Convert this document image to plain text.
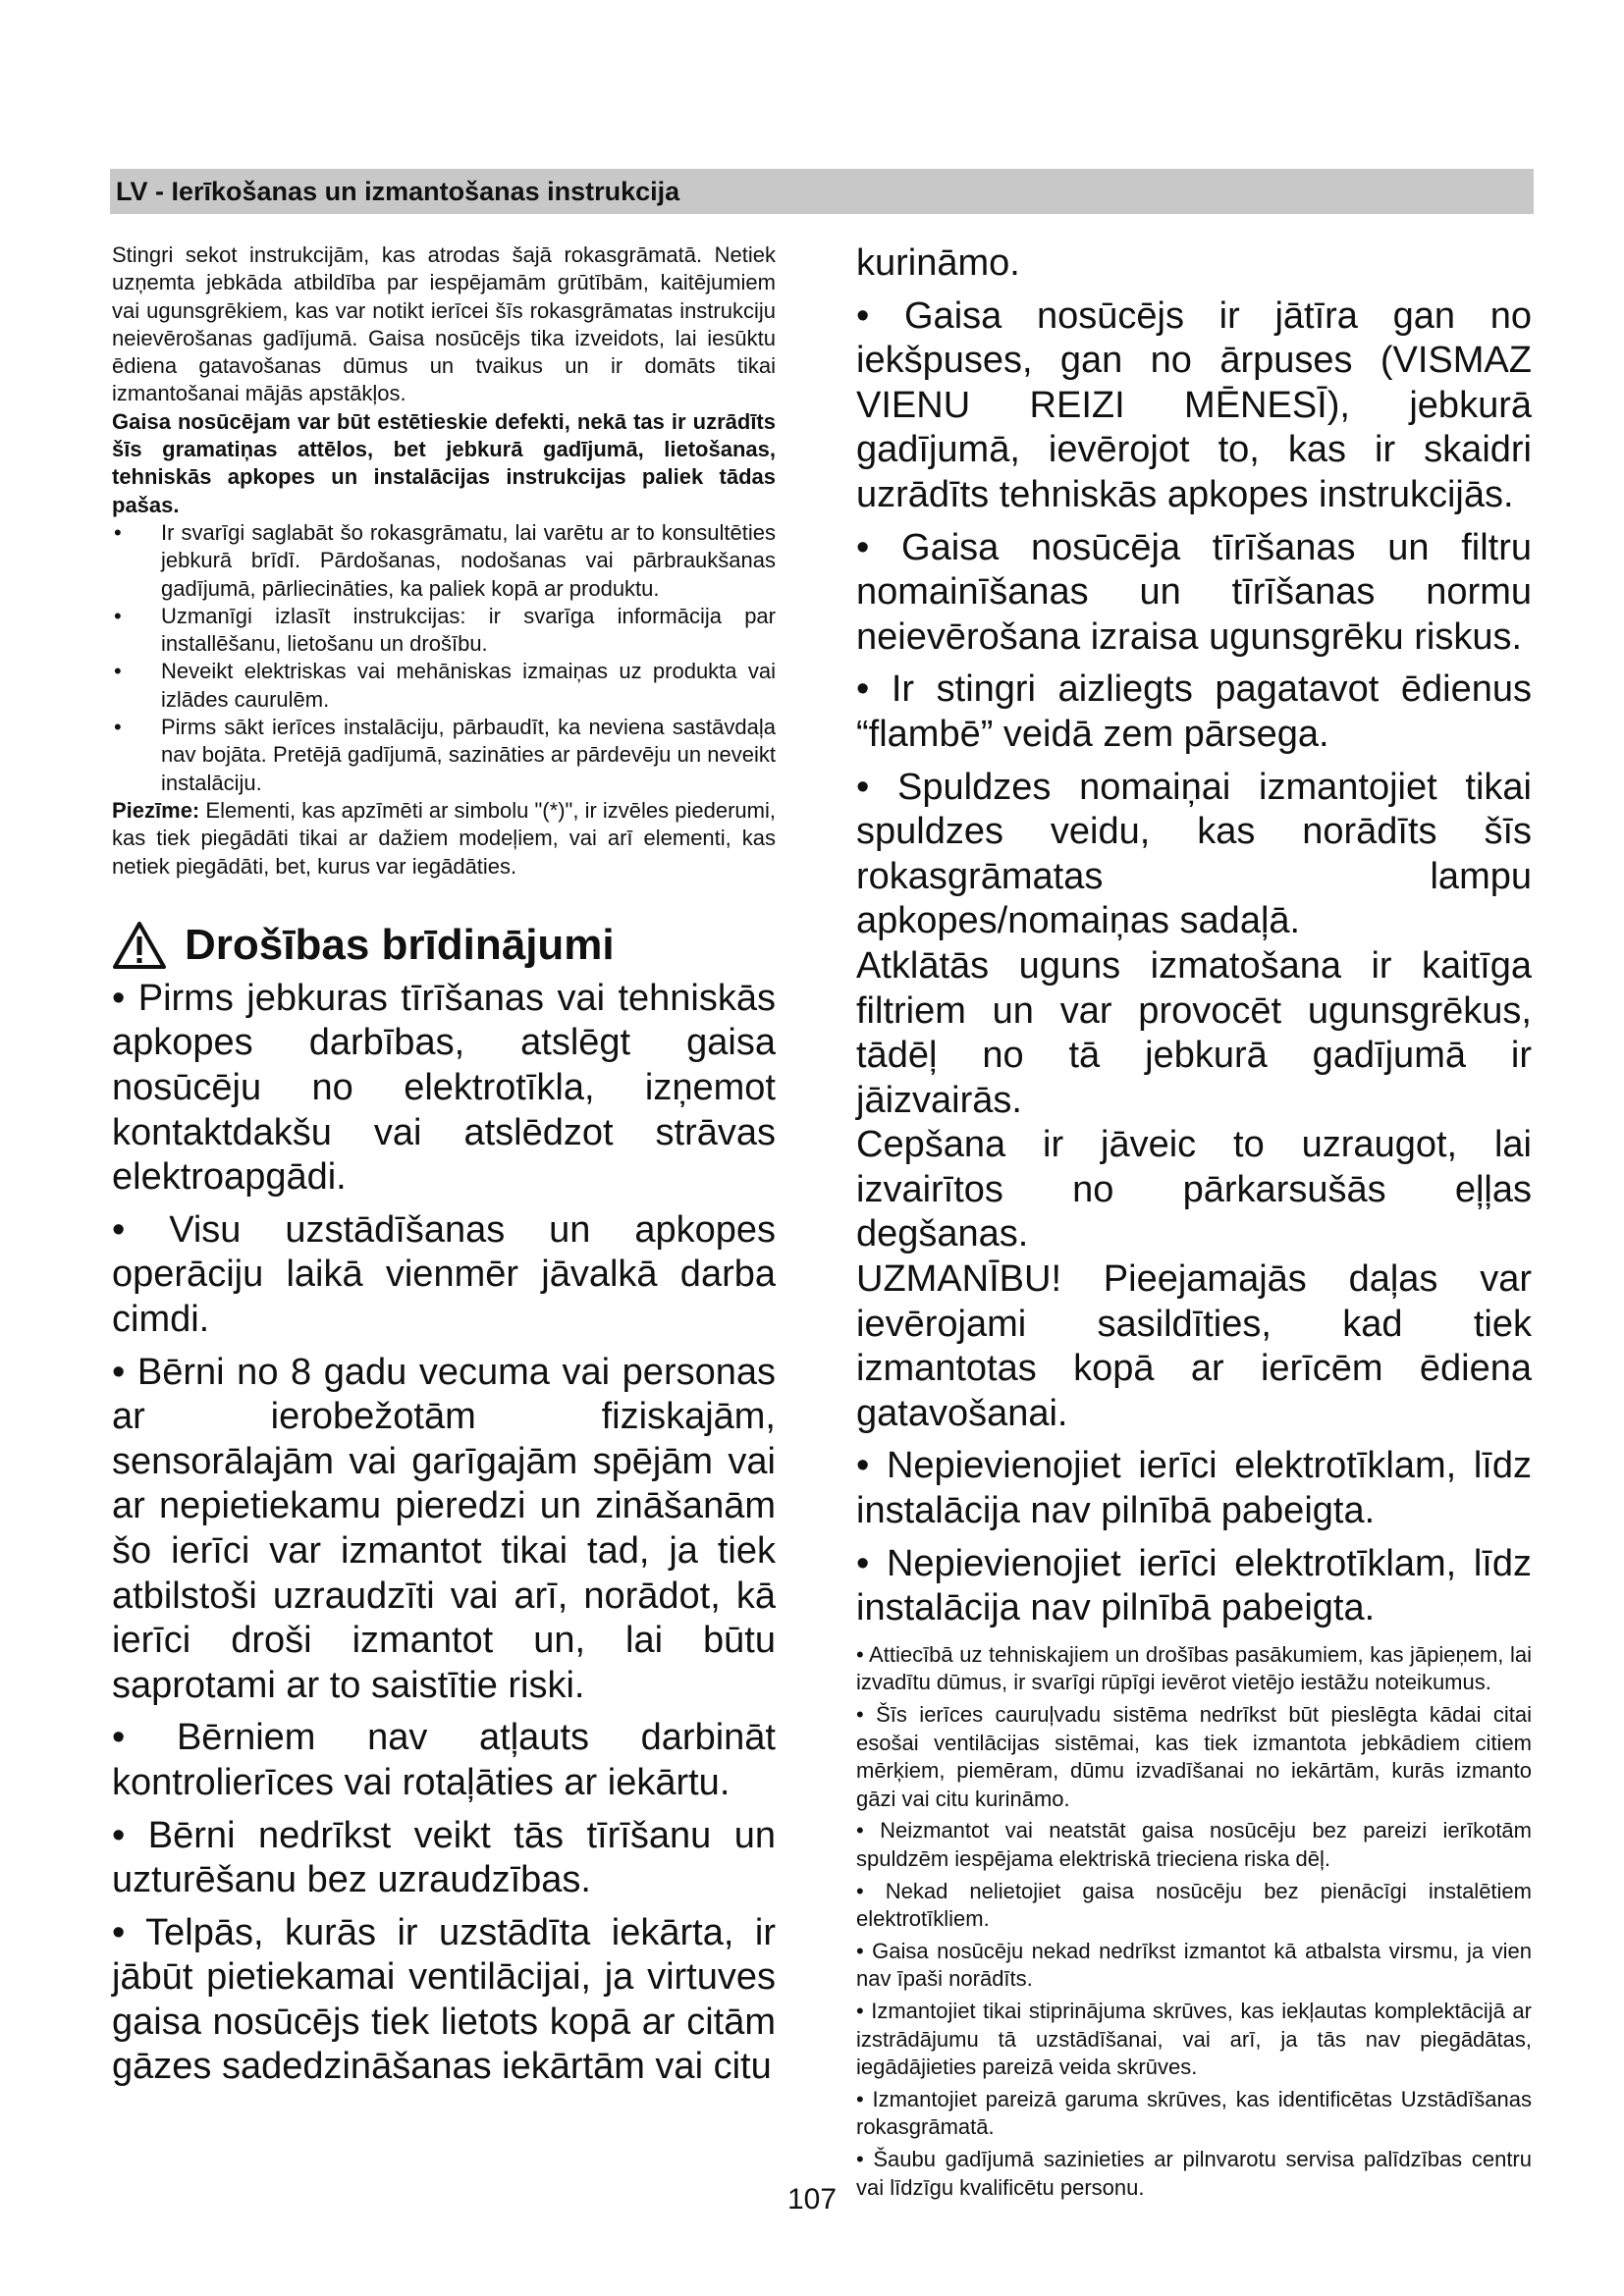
LV - Ierīkošanas un izmantošanas instrukcija

Stingri sekot instrukcijām, kas atrodas šajā rokasgrāmatā. Netiek uzņemta jebkāda atbildība par iespējamām grūtībām, kaitējumiem vai ugunsgrēkiem, kas var notikt ierīcei šīs rokasgrāmatas instrukciju neievērošanas gadījumā. Gaisa nosūcējs tika izveidots, lai iesūktu ēdiena gatavošanas dūmus un tvaikus un ir domāts tikai izmantošanai mājās apstākļos.

Gaisa nosūcējam var būt estētieskie defekti, nekā tas ir uzrādīts šīs gramatiņas attēlos, bet jebkurā gadījumā, lietošanas, tehniskās apkopes un instalācijas instrukcijas paliek tādas pašas.

• Ir svarīgi saglabāt šo rokasgrāmatu, lai varētu ar to konsultēties jebkurā brīdī. Pārdošanas, nodošanas vai pārbraukšanas gadījumā, pārliecināties, ka paliek kopā ar produktu.
• Uzmanīgi izlasīt instrukcijas: ir svarīga informācija par installēšanu, lietošanu un drošību.
• Neveikt elektriskas vai mehāniskas izmaiņas uz produkta vai izlādes caurulēm.
• Pirms sākt ierīces instalāciju, pārbaudīt, ka neviena sastāvdaļa nav bojāta. Pretējā gadījumā, sazināties ar pārdevēju un neveikt instalāciju.

Piezīme: Elementi, kas apzīmēti ar simbolu "(*)", ir izvēles piederumi, kas tiek piegādāti tikai ar dažiem modeļiem, vai arī elementi, kas netiek piegādāti, bet, kurus var iegādāties.

Drošības brīdinājumi

• Pirms jebkuras tīrīšanas vai tehniskās apkopes darbības, atslēgt gaisa nosūcēju no elektrotīkla, izņemot kontaktdakšu vai atslēdzot strāvas elektroapgādi.

• Visu uzstādīšanas un apkopes operāciju laikā vienmēr jāvalkā darba cimdi.

• Bērni no 8 gadu vecuma vai personas ar ierobežotām fiziskajām, sensorālajām vai garīgajām spējām vai ar nepietiekamu pieredzi un zināšanām šo ierīci var izmantot tikai tad, ja tiek atbilstoši uzraudzīti vai arī, norādot, kā ierīci droši izmantot un, lai būtu saprotami ar to saistītie riski.

• Bērniem nav atļauts darbināt kontrolierīces vai rotaļāties ar iekārtu.

• Bērni nedrīkst veikt tās tīrīšanu un uzturēšanu bez uzraudzības.

• Telpās, kurās ir uzstādīta iekārta, ir jābūt pietiekamai ventilācijai, ja virtuves gaisa nosūcējs tiek lietots kopā ar citām gāzes sadedzināšanas iekārtām vai citu

kurināmo.

• Gaisa nosūcējs ir jātīra gan no iekšpuses, gan no ārpuses (VISMAZ VIENU REIZI MĒNESĪ), jebkurā gadījumā, ievērojot to, kas ir skaidri uzrādīts tehniskās apkopes instrukcijās.

• Gaisa nosūcēja tīrīšanas un filtru nomainīšanas un tīrīšanas normu neievērošana izraisa ugunsgrēku riskus.

• Ir stingri aizliegts pagatavot ēdienus “flambē” veidā zem pārsega.

• Spuldzes nomaiņai izmantojiet tikai spuldzes veidu, kas norādīts šīs rokasgrāmatas lampu apkopes/nomaiņas sadaļā.

Atklātās uguns izmatošana ir kaitīga filtriem un var provocēt ugunsgrēkus, tādēļ no tā jebkurā gadījumā ir jāizvairās.

Cepšana ir jāveic to uzraugot, lai izvairītos no pārkarsušās eļļas degšanas.

UZMANĪBU! Pieejamajās daļas var ievērojami sasildīties, kad tiek izmantotas kopā ar ierīcēm ēdiena gatavošanai.

• Nepievienojiet ierīci elektrotīklam, līdz instalācija nav pilnībā pabeigta.

• Nepievienojiet ierīci elektrotīklam, līdz instalācija nav pilnībā pabeigta.

• Attiecībā uz tehniskajiem un drošības pasākumiem, kas jāpieņem, lai izvadītu dūmus, ir svarīgi rūpīgi ievērot vietējo iestāžu noteikumus.

• Šīs ierīces cauruļvadu sistēma nedrīkst būt pieslēgta kādai citai esošai ventilācijas sistēmai, kas tiek izmantota jebkādiem citiem mērķiem, piemēram, dūmu izvadīšanai no iekārtām, kurās izmanto gāzi vai citu kurināmo.

• Neizmantot vai neatstāt gaisa nosūcēju bez pareizi ierīkotām spuldzēm iespējama elektriskā trieciena riska dēļ.

• Nekad nelietojiet gaisa nosūcēju bez pienācīgi instalētiem elektrotīkliem.

• Gaisa nosūcēju nekad nedrīkst izmantot kā atbalsta virsmu, ja vien nav īpaši norādīts.

• Izmantojiet tikai stiprinājuma skrūves, kas iekļautas komplektācijā ar izstrādājumu tā uzstādīšanai, vai arī, ja tās nav piegādātas, iegādājieties pareizā veida skrūves.

• Izmantojiet pareizā garuma skrūves, kas identificētas Uzstādīšanas rokasgrāmatā.

• Šaubu gadījumā sazinieties ar pilnvarotu servisa palīdzības centru vai līdzīgu kvalificētu personu.

107
